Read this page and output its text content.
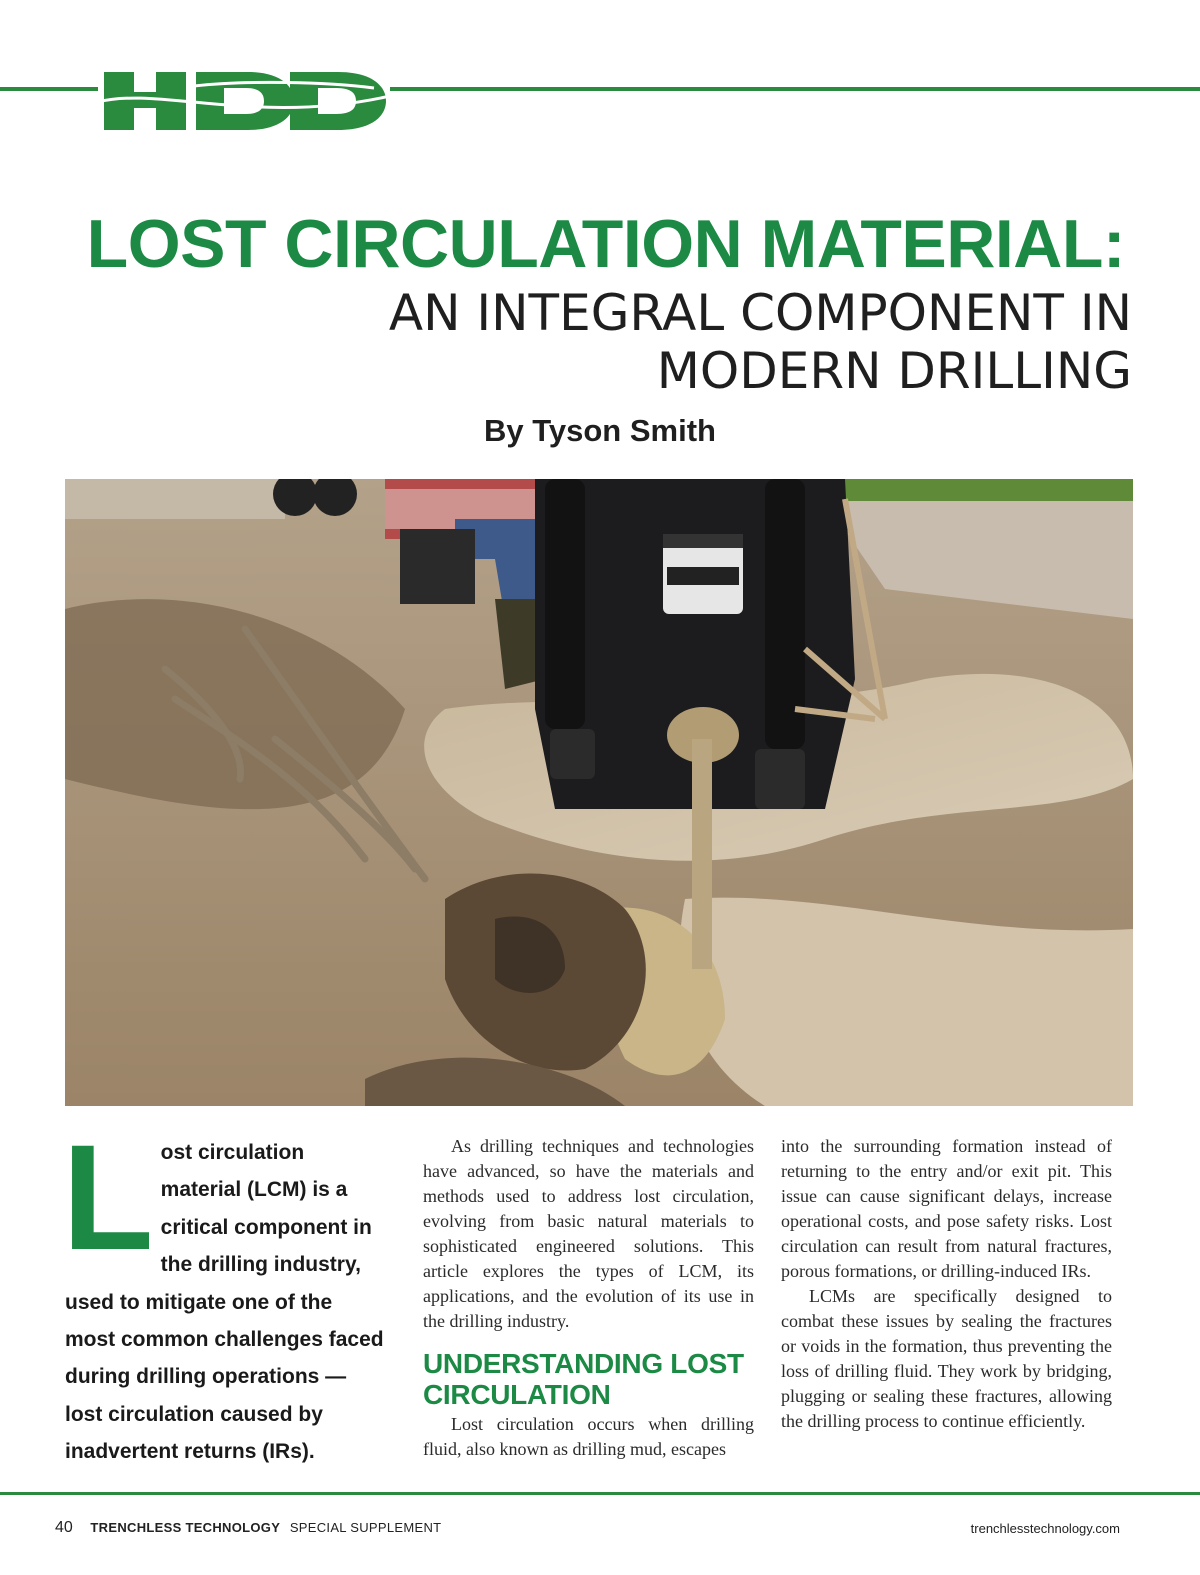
LOST CIRCULATION MATERIAL:
AN INTEGRAL COMPONENT IN MODERN DRILLING
By Tyson Smith
L ost circulation material (LCM) is a critical component in the drilling industry, used to mitigate one of the most common challenges faced during drilling operations — lost circulation caused by inadvertent returns (IRs).

As drilling techniques and technologies have advanced, so have the materials and methods used to address lost circulation, evolving from basic natural materials to sophisticated engineered solutions. This article explores the types of LCM, its applications, and the evolution of its use in the drilling industry.

UNDERSTANDING LOST CIRCULATION

Lost circulation occurs when drilling fluid, also known as drilling mud, escapes

into the surrounding formation instead of returning to the entry and/or exit pit. This issue can cause significant delays, increase operational costs, and pose safety risks. Lost circulation can result from natural fractures, porous formations, or drilling-induced IRs.

LCMs are specifically designed to combat these issues by sealing the fractures or voids in the formation, thus preventing the loss of drilling fluid. They work by bridging, plugging or sealing these fractures, allowing the drilling process to continue efficiently.

40 TRENCHLESS TECHNOLOGY SPECIAL SUPPLEMENT	trenchlesstechnology.com
